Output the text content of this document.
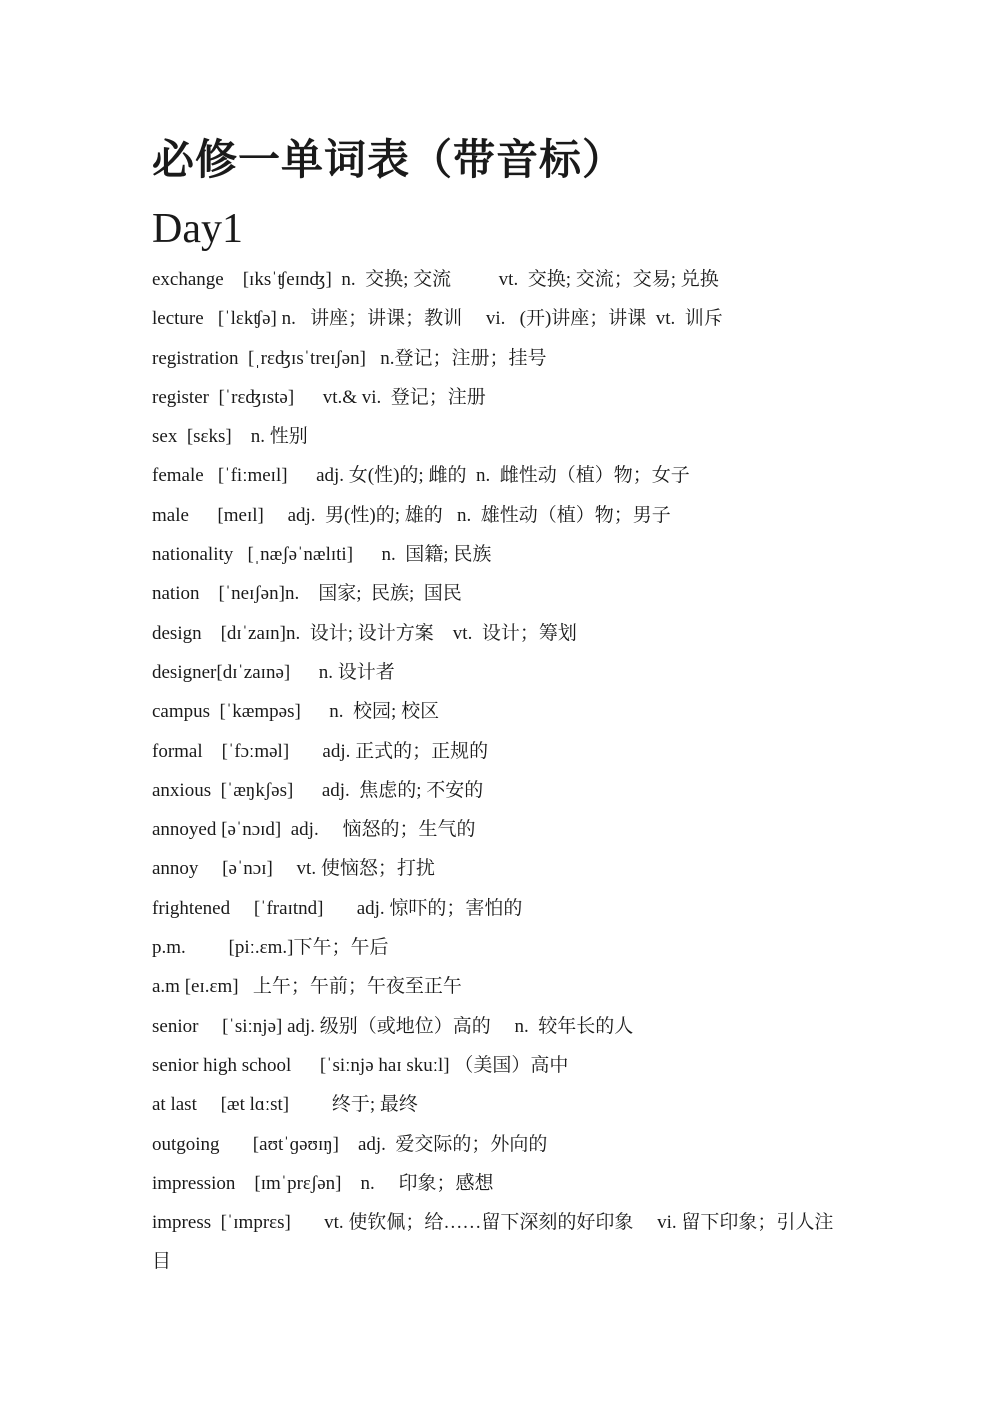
必修一单词表（带音标）
Day1
exchange    [ɪksˈʧeɪnʤ]  n.  交换; 交流          vt.  交换; 交流；交易; 兑换
lecture   [ˈlɛkʧə] n.   讲座；讲课；教训     vi.   (开)讲座；讲课  vt.  训斥
registration  [ˌrɛʤɪsˈtreɪʃən]   n.登记；注册；挂号
register  [ˈrɛʤɪstə]      vt.& vi.  登记；注册
sex  [sɛks]    n. 性别
female   [ˈfiːmeɪl]      adj. 女(性)的; 雌的  n.  雌性动（植）物；女子
male      [meɪl]     adj.  男(性)的; 雄的   n.  雄性动（植）物；男子
nationality   [ˌnæʃəˈnælɪti]      n.  国籍; 民族
nation    [ˈneɪʃən]n.    国家;  民族;  国民
design    [dɪˈzaɪn]n.  设计; 设计方案    vt.  设计；筹划
designer[dɪˈzaɪnə]      n. 设计者
campus  [ˈkæmpəs]      n.  校园; 校区
formal    [ˈfɔːməl]       adj. 正式的；正规的
anxious  [ˈæŋkʃəs]      adj.  焦虑的; 不安的
annoyed [əˈnɔɪd]  adj.     恼怒的；生气的
annoy     [əˈnɔɪ]     vt. 使恼怒；打扰
frightened     [ˈfraɪtnd]       adj. 惊吓的；害怕的
p.m.         [piː.ɛm.]下午；午后
a.m [eɪ.ɛm]   上午；午前；午夜至正午
senior     [ˈsiːnjə] adj. 级别（或地位）高的     n.  较年长的人
senior high school      [ˈsiːnjə haɪ skuːl] （美国）高中
at last     [æt lɑːst]         终于; 最终
outgoing       [aʊtˈɡəʊɪŋ]    adj.  爱交际的；外向的
impression    [ɪmˈprɛʃən]    n.     印象；感想
impress  [ˈɪmprɛs]       vt. 使钦佩；给……留下深刻的好印象     vi. 留下印象；引人注目
